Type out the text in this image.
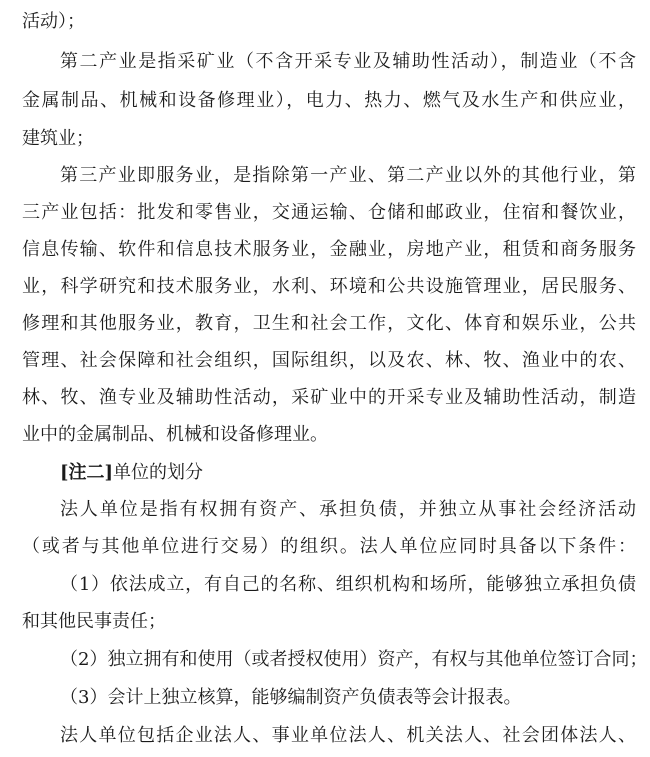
活动）；
第二产业是指采矿业（不含开采专业及辅助性活动），制造业（不含
金属制品、机械和设备修理业），电力、热力、燃气及水生产和供应业，
建筑业；
第三产业即服务业，是指除第一产业、第二产业以外的其他行业，第
三产业包括：批发和零售业，交通运输、仓储和邮政业，住宿和餐饮业，
信息传输、软件和信息技术服务业，金融业，房地产业，租赁和商务服务
业，科学研究和技术服务业，水利、环境和公共设施管理业，居民服务、
修理和其他服务业，教育，卫生和社会工作，文化、体育和娱乐业，公共
管理、社会保障和社会组织，国际组织，以及农、林、牧、渔业中的农、
林、牧、渔专业及辅助性活动，采矿业中的开采专业及辅助性活动，制造
业中的金属制品、机械和设备修理业。
[注二]单位的划分
法人单位是指有权拥有资产、承担负债，并独立从事社会经济活动
（或者与其他单位进行交易）的组织。法人单位应同时具备以下条件：
（1）依法成立，有自己的名称、组织机构和场所，能够独立承担负债
和其他民事责任；
（2）独立拥有和使用（或者授权使用）资产，有权与其他单位签订合同；
（3）会计上独立核算，能够编制资产负债表等会计报表。
法人单位包括企业法人、事业单位法人、机关法人、社会团体法人、
